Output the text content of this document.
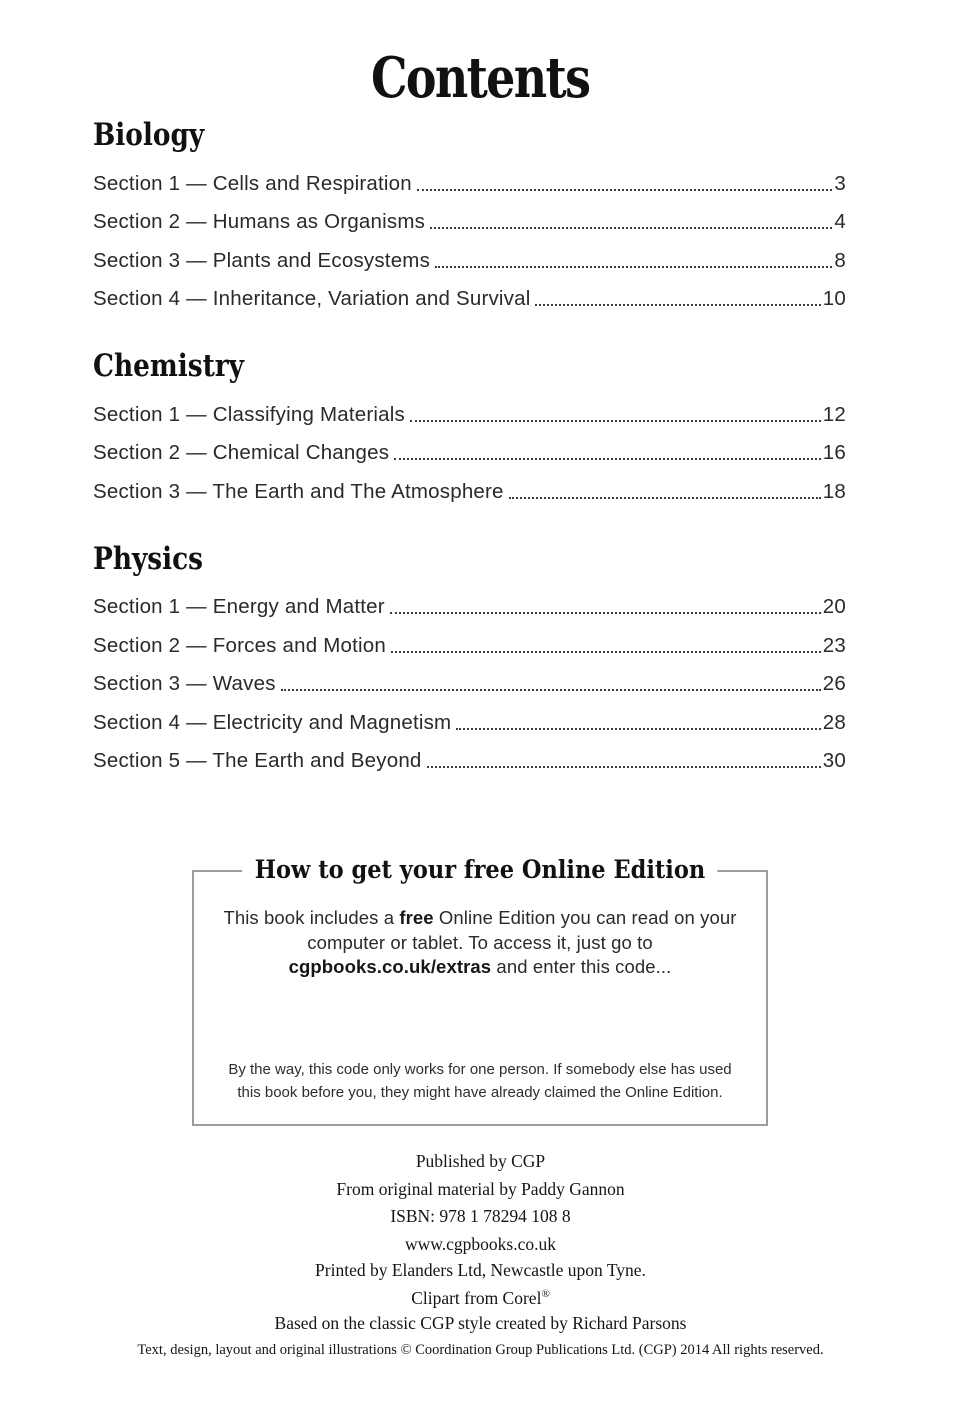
Contents
Biology
Section 1 — Cells and Respiration	3
Section 2 — Humans as Organisms	4
Section 3 — Plants and Ecosystems	8
Section 4 — Inheritance, Variation and Survival	10
Chemistry
Section 1 — Classifying Materials	12
Section 2 — Chemical Changes	16
Section 3 — The Earth and The Atmosphere	18
Physics
Section 1 — Energy and Matter	20
Section 2 — Forces and Motion	23
Section 3 — Waves	26
Section 4 — Electricity and Magnetism	28
Section 5 — The Earth and Beyond	30
How to get your free Online Edition
This book includes a free Online Edition you can read on your
computer or tablet. To access it, just go to
cgpbooks.co.uk/extras and enter this code...
By the way, this code only works for one person. If somebody else has used
this book before you, they might have already claimed the Online Edition.
Published by CGP
From original material by Paddy Gannon
ISBN: 978 1 78294 108 8
www.cgpbooks.co.uk
Printed by Elanders Ltd, Newcastle upon Tyne.
Clipart from Corel®
Based on the classic CGP style created by Richard Parsons
Text, design, layout and original illustrations © Coordination Group Publications Ltd. (CGP) 2014 All rights reserved.
